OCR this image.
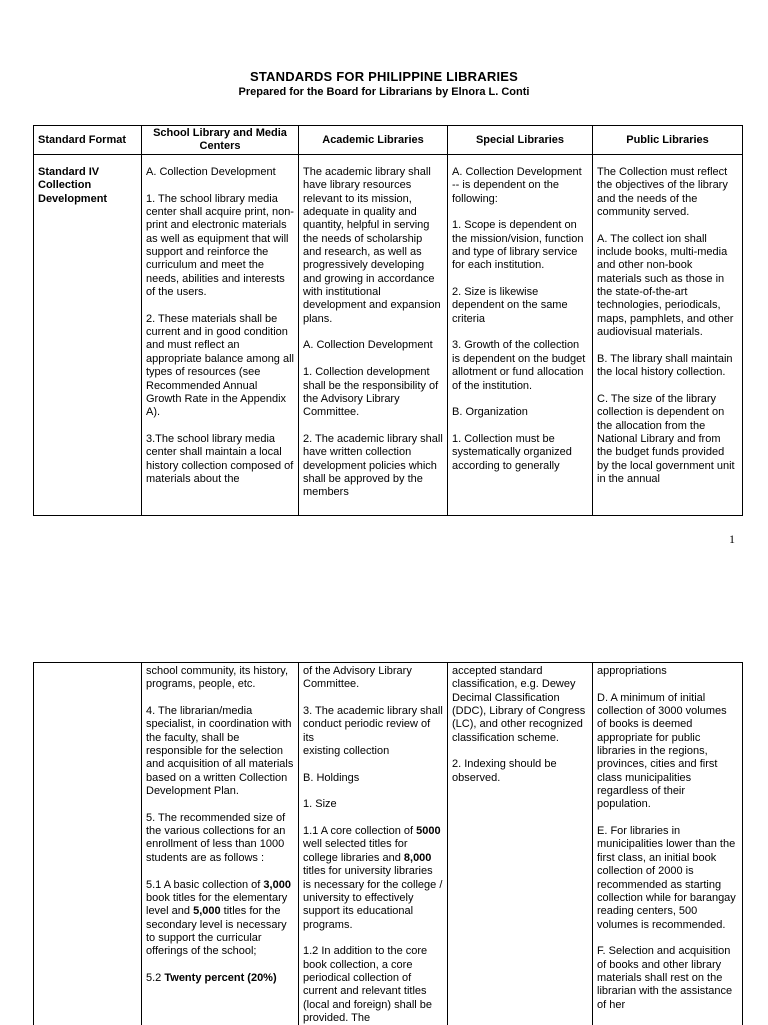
STANDARDS FOR PHILIPPINE LIBRARIES
Prepared for the Board for Librarians by Elnora L. Conti
Standard Format
School Library and Media Centers
Academic Libraries	Special Libraries	Public Libraries

Standard IV
Collection
Development

A. Collection Development

1. The school library media center shall acquire print, non-print and electronic materials as well as equipment that will support and reinforce the curriculum and meet the needs, abilities and interests of the users.

2. These materials shall be current and in good condition and must reflect an appropriate balance among all types of resources (see Recommended Annual Growth Rate in the Appendix A).

3.The school library media center shall maintain a local history collection composed of materials about the

The academic library shall have library resources relevant to its mission, adequate in quality and quantity, helpful in serving the needs of scholarship and research, as well as progressively developing and growing in accordance with institutional development and expansion plans.

A. Collection Development

1. Collection development shall be the responsibility of the Advisory Library Committee.

2. The academic library shall have written collection development policies which shall be approved by the members

A. Collection Development -- is dependent on the following:

1. Scope is dependent on the mission/vision, function and type of library service for each institution.

2. Size is likewise dependent on the same criteria

3. Growth of the collection is dependent on the budget allotment or fund allocation of the institution.

B. Organization

1. Collection must be systematically organized according to generally

The Collection must reflect the objectives of the library and the needs of the community served.

A. The collect ion shall include books, multi-media and other non-book materials such as those in the state-of-the-art technologies, periodicals, maps, pamphlets, and other audiovisual materials.

B. The library shall maintain the local history collection.

C. The size of the library collection is dependent on the allocation from the National Library and from the budget funds provided by the local government unit in the annual

1

school community, its history, programs, people, etc.

4. The librarian/media specialist, in coordination with the faculty, shall be responsible for the selection and acquisition of all materials based on a written Collection Development Plan.

5. The recommended size of the various collections for an enrollment of less than 1000 students are as follows :

5.1 A basic collection of 3,000 book titles for the elementary level and 5,000 titles for the secondary level is necessary to support the curricular offerings of the school;

5.2 Twenty percent (20%)

of the Advisory Library Committee.

3. The academic library shall conduct periodic review of its
existing collection

B. Holdings

1. Size

1.1 A core collection of 5000 well selected titles for college libraries and 8,000 titles for university libraries is necessary for the college / university to effectively support its educational programs.

1.2 In addition to the core book collection, a core periodical collection of current and relevant titles (local and foreign) shall be provided. The

accepted standard classification, e.g. Dewey Decimal Classification (DDC), Library of Congress (LC), and other recognized classification scheme.

2. Indexing should be observed.

appropriations

D. A minimum of initial collection of 3000 volumes of books is deemed appropriate for public libraries in the regions, provinces, cities and first class municipalities regardless of their population.

E. For libraries in municipalities lower than the first class, an initial book collection of 2000 is recommended as starting collection while for barangay reading centers, 500 volumes is recommended.

F. Selection and acquisition of books and other library materials shall rest on the librarian with the assistance of her
